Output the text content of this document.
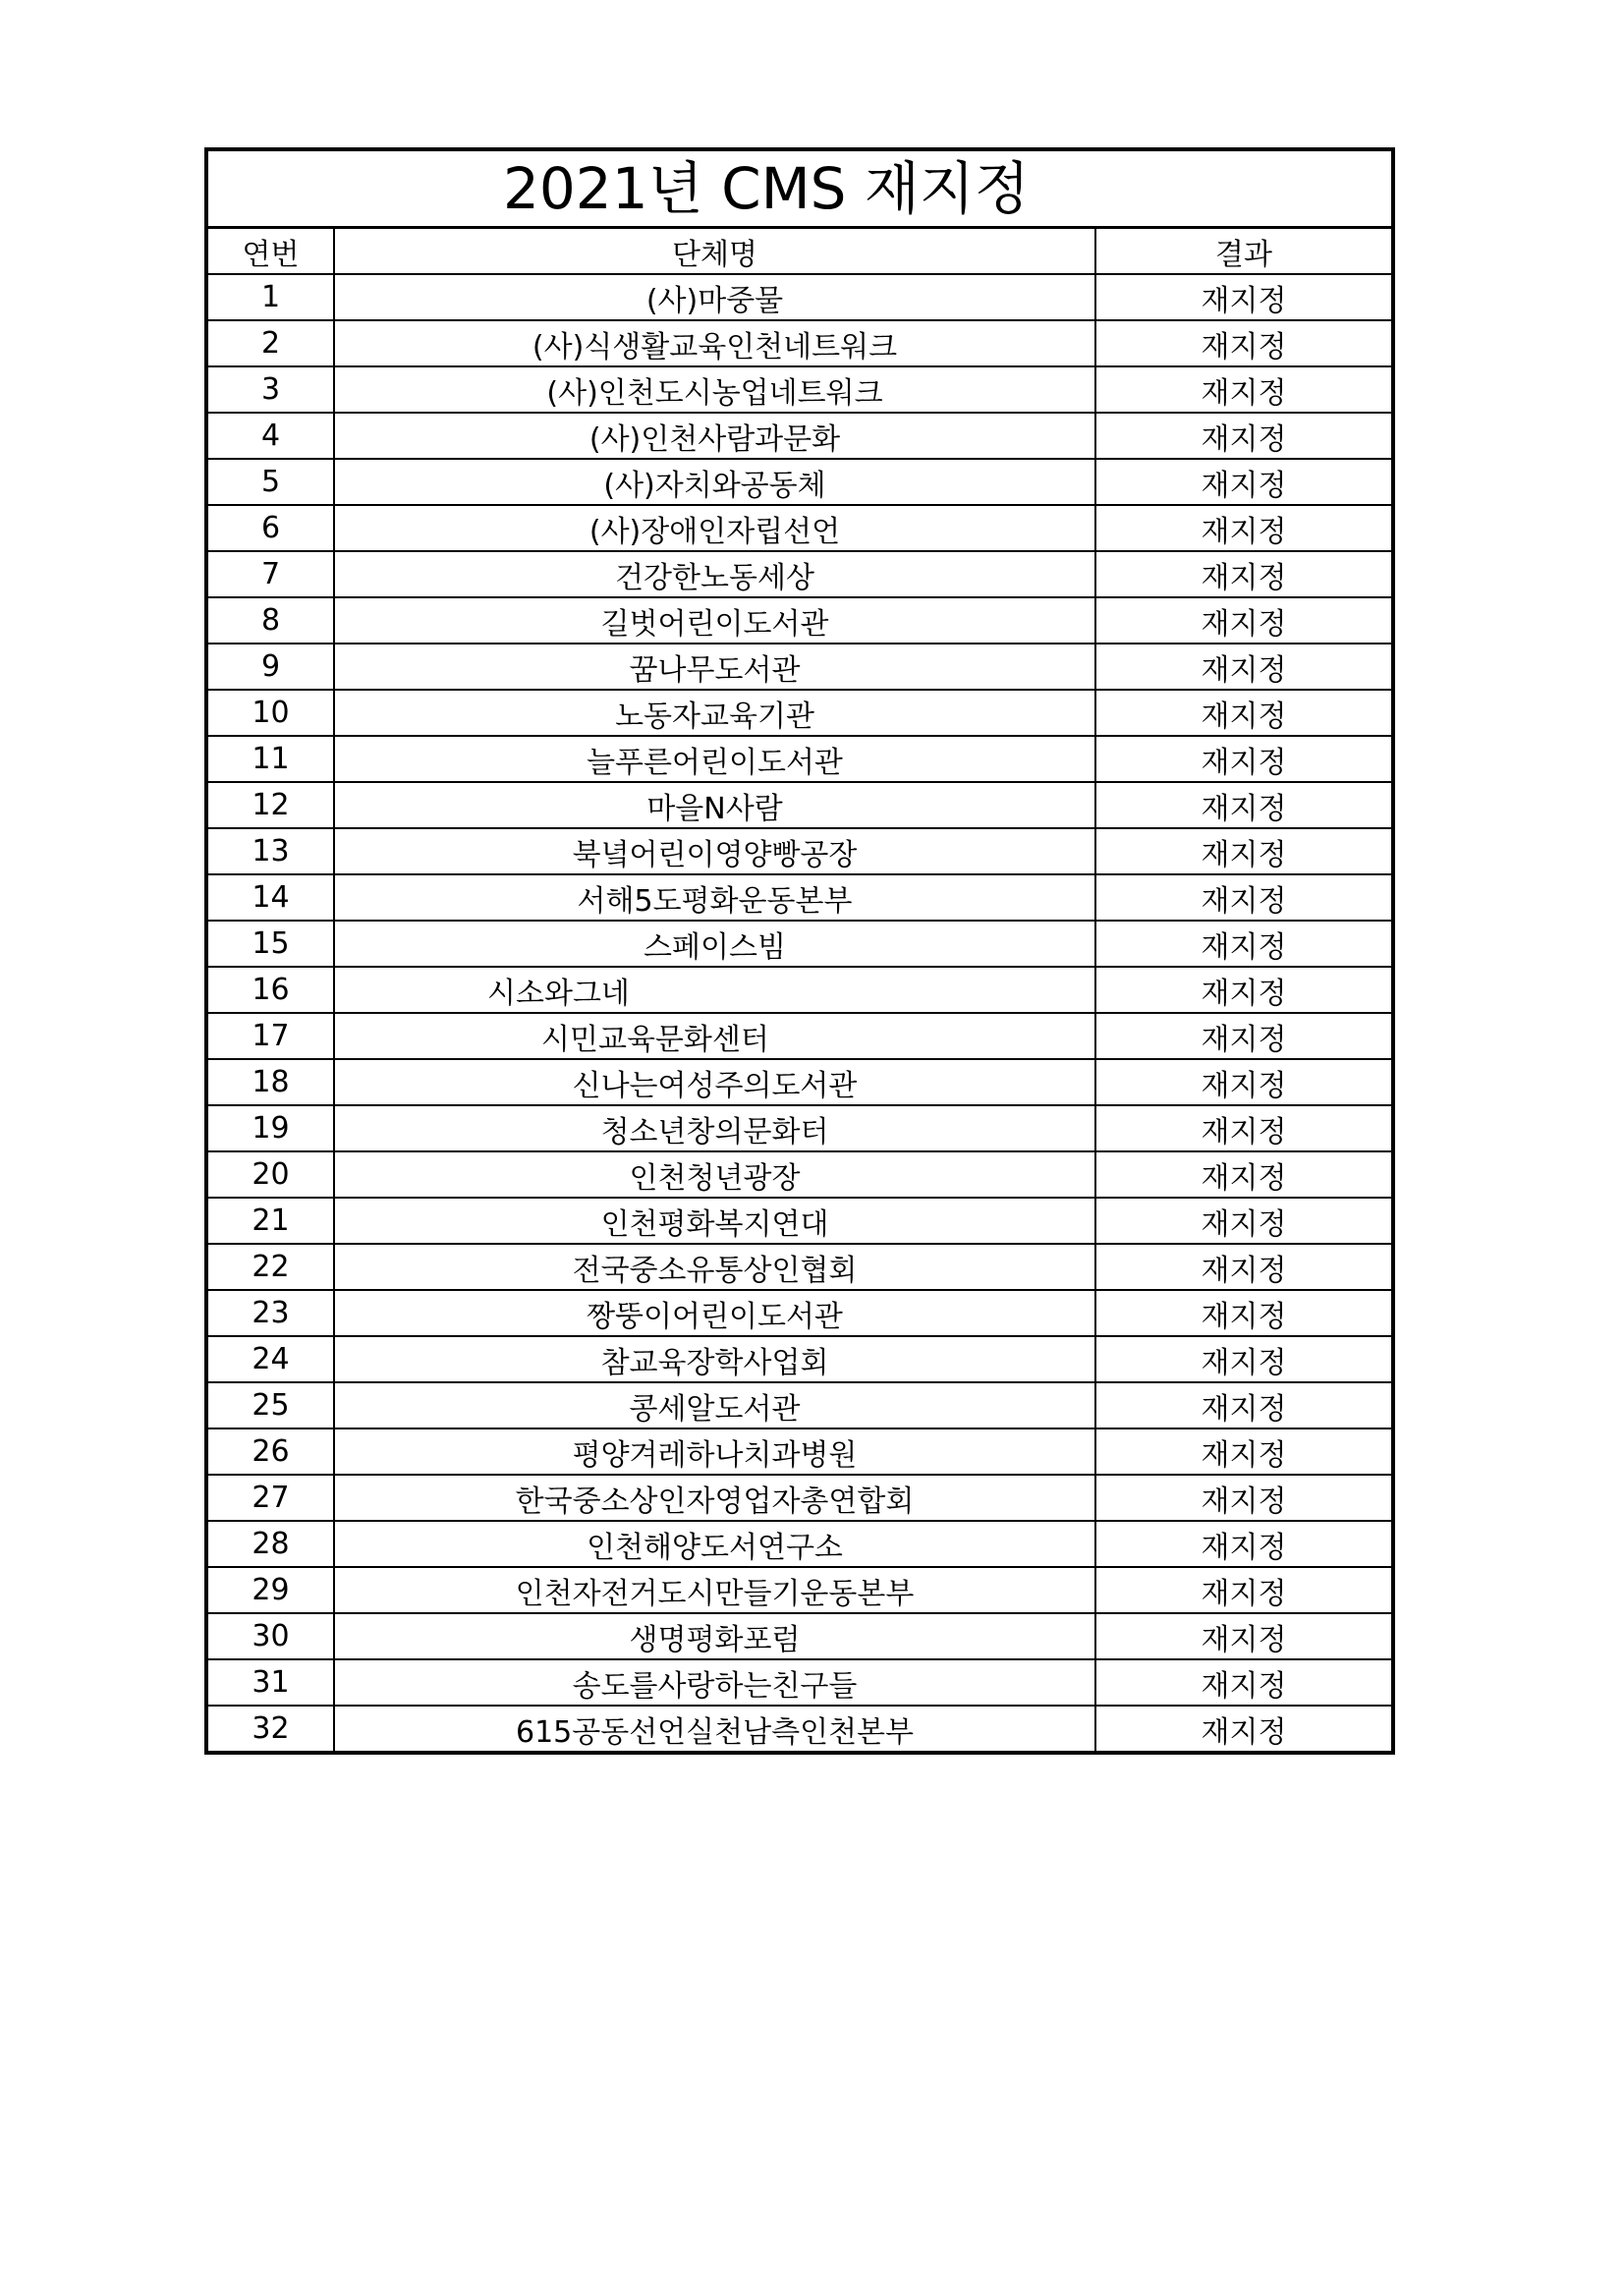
2021년 CMS 재지정
연번	단체명	결과
1	(사)마중물	재지정
2	(사)식생활교육인천네트워크	재지정
3	(사)인천도시농업네트워크	재지정
4	(사)인천사람과문화	재지정
5	(사)자치와공동체	재지정
6	(사)장애인자립선언	재지정
7	건강한노동세상	재지정
8	길벗어린이도서관	재지정
9	꿈나무도서관	재지정
10	노동자교육기관	재지정
11	늘푸른어린이도서관	재지정
12	마을N사람	재지정
13	북녘어린이영양빵공장	재지정
14	서해5도평화운동본부	재지정
15	스페이스빔	재지정
16	시소와그네	재지정
17	시민교육문화센터	재지정
18	신나는여성주의도서관	재지정
19	청소년창의문화터	재지정
20	인천청년광장	재지정
21	인천평화복지연대	재지정
22	전국중소유통상인협회	재지정
23	짱뚱이어린이도서관	재지정
24	참교육장학사업회	재지정
25	콩세알도서관	재지정
26	평양겨레하나치과병원	재지정
27	한국중소상인자영업자총연합회	재지정
28	인천해양도서연구소	재지정
29	인천자전거도시만들기운동본부	재지정
30	생명평화포럼	재지정
31	송도를사랑하는친구들	재지정
32	615공동선언실천남측인천본부	재지정
